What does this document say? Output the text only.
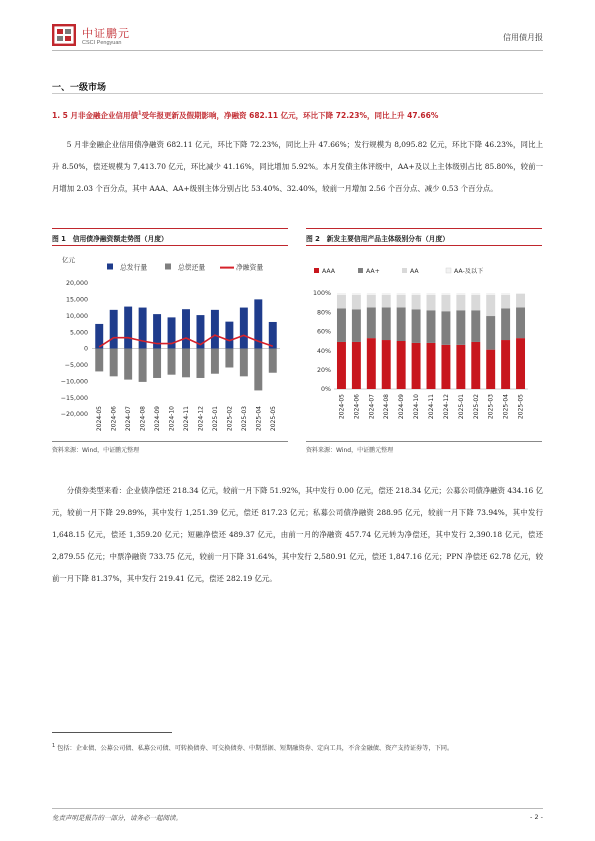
中证鹏元
CSCI Pengyuan
信用债月报
一、一级市场
1. 5 月非金融企业信用债$^1$受年报更新及假期影响，净融资 682.11 亿元，环比下降 72.23%，同比上升 47.66%
5 月非金融企业信用债净融资 682.11 亿元，环比下降 72.23%，同比上升 47.66%；发行规模为 8,095.82 亿元，环比下降 46.23%，同比上升 8.50%，偿还规模为 7,413.70 亿元，环比减少 41.16%，同比增加 5.92%。本月发债主体评级中，AA+及以上主体级别占比 85.80%，较前一月增加 2.03 个百分点，其中 AAA、AA+级别主体分别占比 53.40%、32.40%，较前一月增加 2.56 个百分点、减少 0.53 个百分点。
图 1　信用债净融资额走势图（月度）
亿元
总发行量	总偿还量	净融资量
20,000
15,000
10,000
5,000
0
−5,000
−10,000
−15,000
−20,000 2024-05 2024-06 2024-07 2024-08 2024-09 2024-10 2024-11 2024-12 2025-01 2025-02 2025-03 2025-04 2025-05
资料来源：Wind，中证鹏元整理
图 2　新发主要信用产品主体级别分布（月度）
AAA	AA+	AA	AA-及以下
100%
80%
60%
40%
20%
0%
2024-05 2024-06 2024-07 2024-08 2024-09 2024-10 2024-11 2024-12 2025-01 2025-02 2025-03 2025-04 2025-05
资料来源：Wind，中证鹏元整理
分债券类型来看：企业债净偿还 218.34 亿元，较前一月下降 51.92%，其中发行 0.00 亿元，偿还 218.34 亿元；公募公司债净融资 434.16 亿元，较前一月下降 29.89%，其中发行 1,251.39 亿元，偿还 817.23 亿元；私募公司债净融资 288.95 亿元，较前一月下降 73.94%，其中发行 1,648.15 亿元，偿还 1,359.20 亿元；短融净偿还 489.37 亿元，由前一月的净融资 457.74 亿元转为净偿还，其中发行 2,390.18 亿元，偿还 2,879.55 亿元；中票净融资 733.75 亿元，较前一月下降 31.64%，其中发行 2,580.91 亿元，偿还 1,847.16 亿元；PPN 净偿还 62.78 亿元，较前一月下降 81.37%，其中发行 219.41 亿元，偿还 282.19 亿元。
$^1$ 包括：企业债、公募公司债、私募公司债、可转换债券、可交换债券、中期票据、短期融资券、定向工具，不含金融债、资产支持证券等，下同。
免责声明是报告的一部分，请务必一起阅读。	- 2 -
